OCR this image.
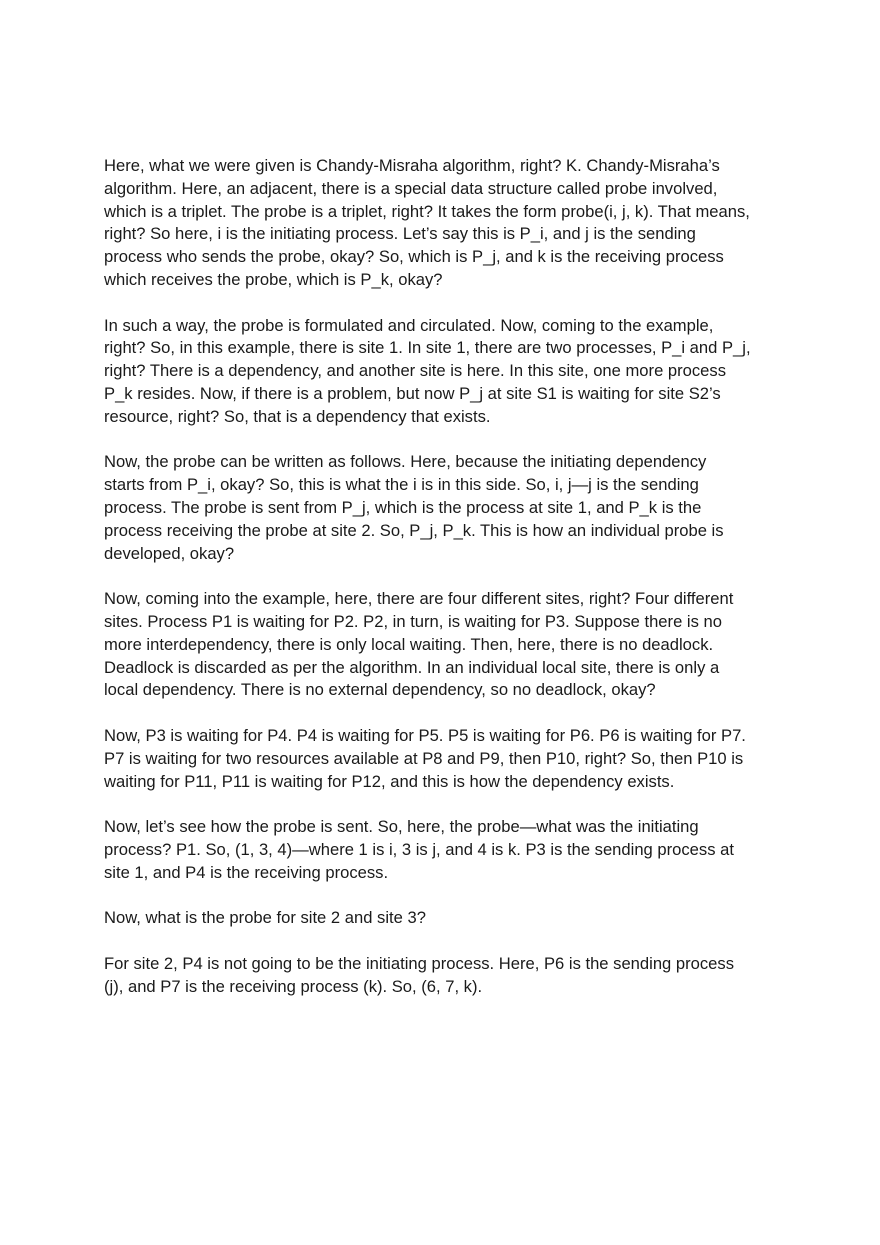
Here, what we were given is Chandy-Misraha algorithm, right? K. Chandy-Misraha’s
algorithm. Here, an adjacent, there is a special data structure called probe involved,
which is a triplet. The probe is a triplet, right? It takes the form probe(i, j, k). That means,
right? So here, i is the initiating process. Let’s say this is P_i, and j is the sending
process who sends the probe, okay? So, which is P_j, and k is the receiving process
which receives the probe, which is P_k, okay?

In such a way, the probe is formulated and circulated. Now, coming to the example,
right? So, in this example, there is site 1. In site 1, there are two processes, P_i and P_j,
right? There is a dependency, and another site is here. In this site, one more process
P_k resides. Now, if there is a problem, but now P_j at site S1 is waiting for site S2’s
resource, right? So, that is a dependency that exists.

Now, the probe can be written as follows. Here, because the initiating dependency
starts from P_i, okay? So, this is what the i is in this side. So, i, j—j is the sending
process. The probe is sent from P_j, which is the process at site 1, and P_k is the
process receiving the probe at site 2. So, P_j, P_k. This is how an individual probe is
developed, okay?

Now, coming into the example, here, there are four different sites, right? Four different
sites. Process P1 is waiting for P2. P2, in turn, is waiting for P3. Suppose there is no
more interdependency, there is only local waiting. Then, here, there is no deadlock.
Deadlock is discarded as per the algorithm. In an individual local site, there is only a
local dependency. There is no external dependency, so no deadlock, okay?

Now, P3 is waiting for P4. P4 is waiting for P5. P5 is waiting for P6. P6 is waiting for P7.
P7 is waiting for two resources available at P8 and P9, then P10, right? So, then P10 is
waiting for P11, P11 is waiting for P12, and this is how the dependency exists.

Now, let’s see how the probe is sent. So, here, the probe—what was the initiating
process? P1. So, (1, 3, 4)—where 1 is i, 3 is j, and 4 is k. P3 is the sending process at
site 1, and P4 is the receiving process.

Now, what is the probe for site 2 and site 3?

For site 2, P4 is not going to be the initiating process. Here, P6 is the sending process
(j), and P7 is the receiving process (k). So, (6, 7, k).
